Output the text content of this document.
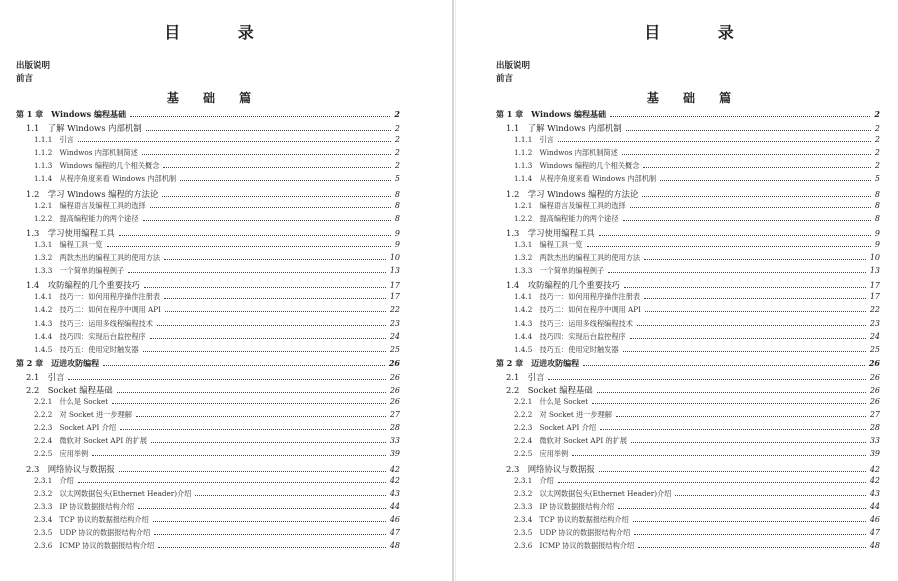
目 录
出版说明
前言
基 础 篇
第 1 章　Windows 编程基础	2
1.1　了解 Windows 内部机制	2
1.1.1　引言	2
1.1.2　Windwos 内部机制简述	2
1.1.3　Windows 编程的几个相关概念	2
1.1.4　从程序角度来看 Windows 内部机制	5
1.2　学习 Windows 编程的方法论	8
1.2.1　编程语言及编程工具的选择	8
1.2.2　提高编程能力的两个途径	8
1.3　学习使用编程工具	9
1.3.1　编程工具一览	9
1.3.2　两款杰出的编程工具的使用方法	10
1.3.3　一个简单的编程例子	13
1.4　攻防编程的几个重要技巧	17
1.4.1　技巧一：如何用程序操作注册表	17
1.4.2　技巧二：如何在程序中调用 API	22
1.4.3　技巧三：运用多线程编程技术	23
1.4.4　技巧四：实现后台监控程序	24
1.4.5　技巧五：使用定时触发器	25
第 2 章　迈进攻防编程	26
2.1　引言	26
2.2　Socket 编程基础	26
2.2.1　什么是 Socket	26
2.2.2　对 Socket 进一步理解	27
2.2.3　Socket API 介绍	28
2.2.4　微软对 Socket API 的扩展	33
2.2.5　应用举例	39
2.3　网络协议与数据报	42
2.3.1　介绍	42
2.3.2　以太网数据包头(Ethernet Header)介绍	43
2.3.3　IP 协议数据报结构介绍	44
2.3.4　TCP 协议的数据报结构介绍	46
2.3.5　UDP 协议的数据报结构介绍	47
2.3.6　ICMP 协议的数据报结构介绍	48
目 录
出版说明
前言
基 础 篇
第 1 章　Windows 编程基础	2
1.1　了解 Windows 内部机制	2
1.1.1　引言	2
1.1.2　Windwos 内部机制简述	2
1.1.3　Windows 编程的几个相关概念	2
1.1.4　从程序角度来看 Windows 内部机制	5
1.2　学习 Windows 编程的方法论	8
1.2.1　编程语言及编程工具的选择	8
1.2.2　提高编程能力的两个途径	8
1.3　学习使用编程工具	9
1.3.1　编程工具一览	9
1.3.2　两款杰出的编程工具的使用方法	10
1.3.3　一个简单的编程例子	13
1.4　攻防编程的几个重要技巧	17
1.4.1　技巧一：如何用程序操作注册表	17
1.4.2　技巧二：如何在程序中调用 API	22
1.4.3　技巧三：运用多线程编程技术	23
1.4.4　技巧四：实现后台监控程序	24
1.4.5　技巧五：使用定时触发器	25
第 2 章　迈进攻防编程	26
2.1　引言	26
2.2　Socket 编程基础	26
2.2.1　什么是 Socket	26
2.2.2　对 Socket 进一步理解	27
2.2.3　Socket API 介绍	28
2.2.4　微软对 Socket API 的扩展	33
2.2.5　应用举例	39
2.3　网络协议与数据报	42
2.3.1　介绍	42
2.3.2　以太网数据包头(Ethernet Header)介绍	43
2.3.3　IP 协议数据报结构介绍	44
2.3.4　TCP 协议的数据报结构介绍	46
2.3.5　UDP 协议的数据报结构介绍	47
2.3.6　ICMP 协议的数据报结构介绍	48
